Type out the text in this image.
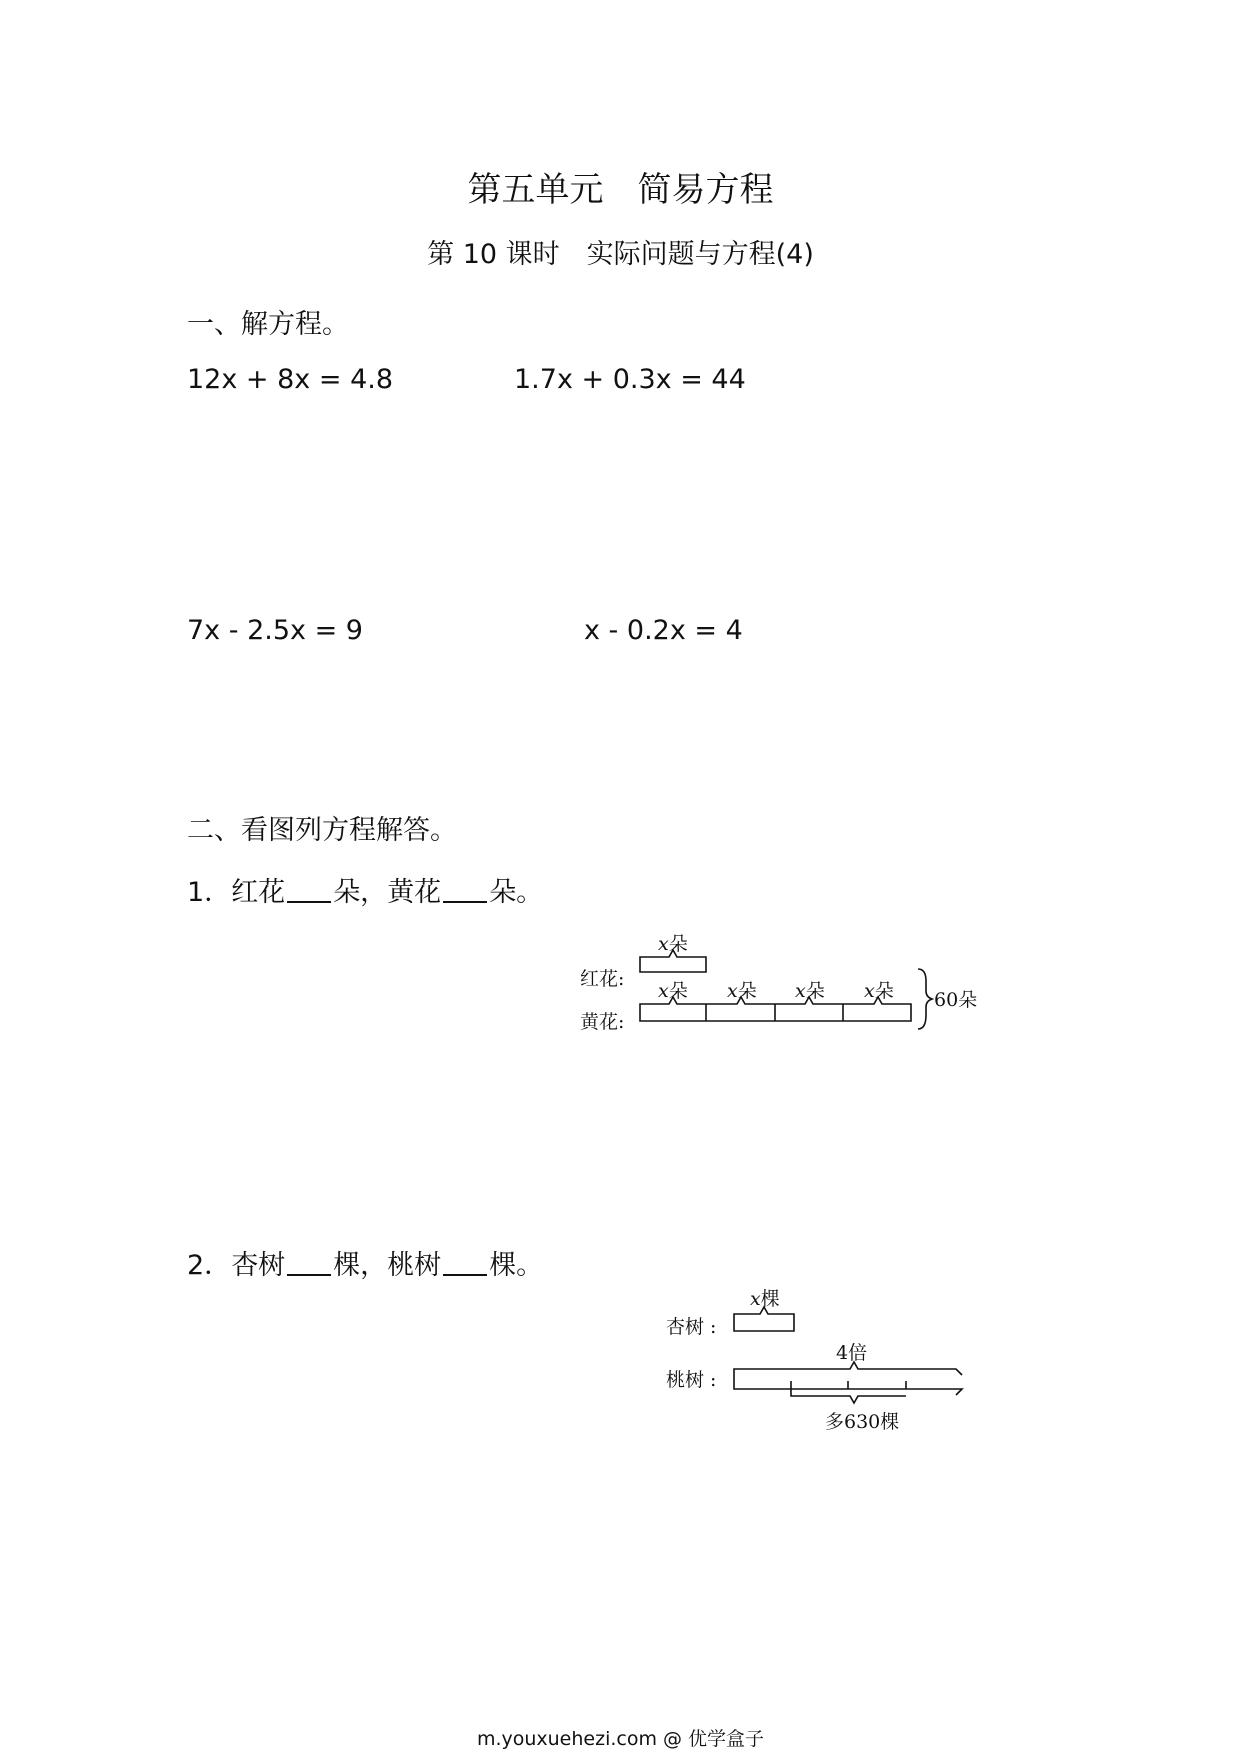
第五单元　简易方程
第 10 课时　实际问题与方程(4)
一、解方程。
12x + 8x = 4.8	1.7x + 0.3x = 44
7x - 2.5x = 9	x - 0.2x = 4
二、看图列方程解答。
1．红花 朵，黄花 朵。
x朵
红花:
x朵 x朵 x朵 x朵
黄花:
60朵
2．杏树 棵，桃树 棵。
x棵
杏树 :
4倍
桃树 :
多630棵
m.youxuehezi.com @ 优学盒子
